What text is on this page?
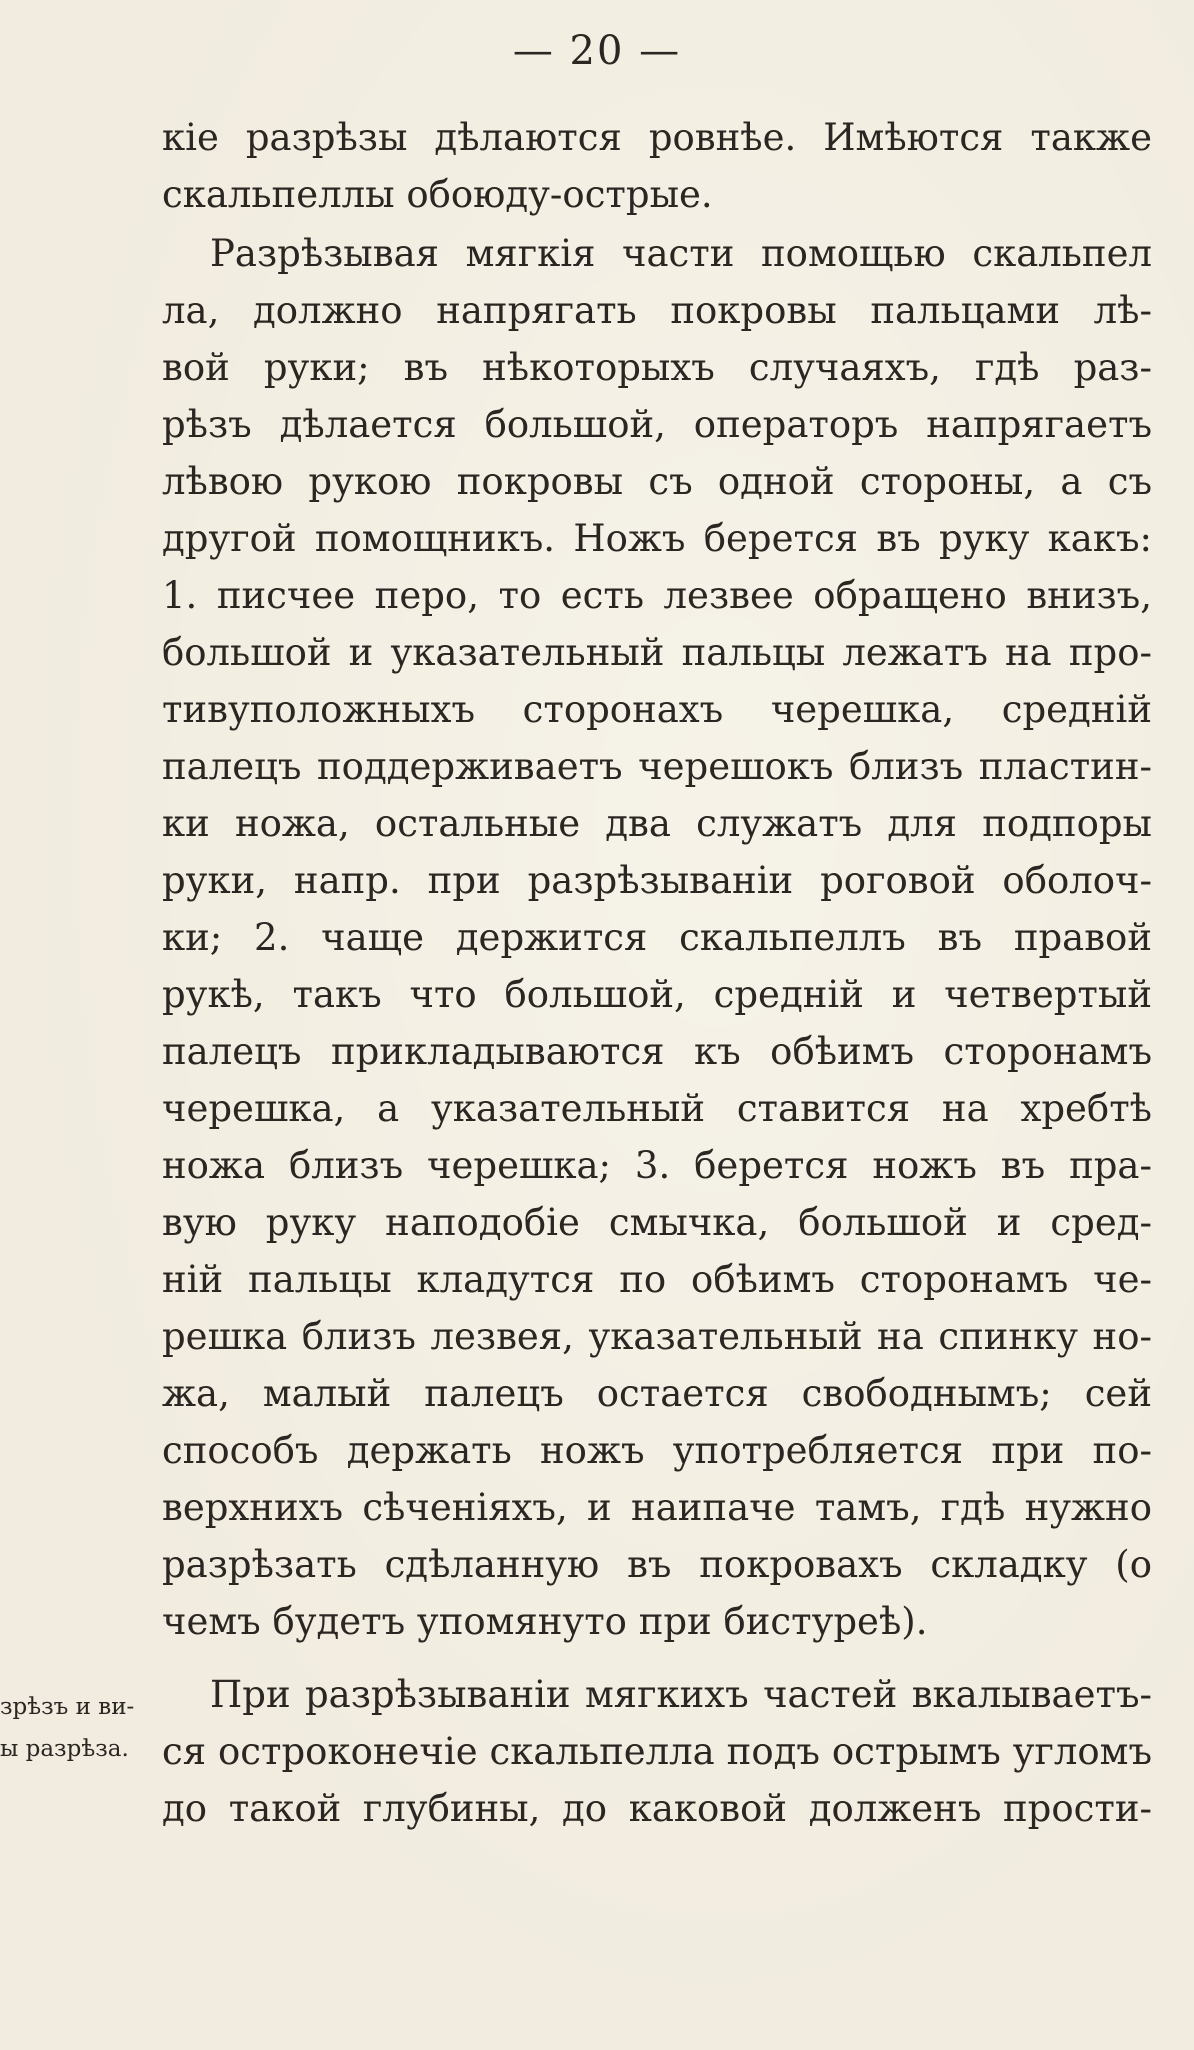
— 20 —
кіе разрѣзы дѣлаются ровнѣе. Имѣются также
скальпеллы обоюду-острые.
Разрѣзывая мягкія части помощью скальпел
ла, должно напрягать покровы пальцами лѣ-
вой руки; въ нѣкоторыхъ случаяхъ, гдѣ раз-
рѣзъ дѣлается большой, операторъ напрягаетъ
лѣвою рукою покровы съ одной стороны, а съ
другой помощникъ. Ножъ берется въ руку какъ:
1. писчее перо, то есть лезвее обращено внизъ,
большой и указательный пальцы лежатъ на про-
тивуположныхъ сторонахъ черешка, средній
палецъ поддерживаетъ черешокъ близъ пластин-
ки ножа, остальные два служатъ для подпоры
руки, напр. при разрѣзываніи роговой оболоч-
ки; 2. чаще держится скальпеллъ въ правой
рукѣ, такъ что большой, средній и четвертый
палецъ прикладываются къ обѣимъ сторонамъ
черешка, а указательный ставится на хребтѣ
ножа близъ черешка; 3. берется ножъ въ пра-
вую руку наподобіе смычка, большой и сред-
ній пальцы кладутся по обѣимъ сторонамъ че-
решка близъ лезвея, указательный на спинку но-
жа, малый палецъ остается свободнымъ; сей
способъ держать ножъ употребляется при по-
верхнихъ сѣченіяхъ, и наипаче тамъ, гдѣ нужно
разрѣзать сдѣланную въ покровахъ складку (о
чемъ будетъ упомянуто при бистуреѣ).
При разрѣзываніи мягкихъ частей вкалываетъ-
ся остроконечіе скальпелла подъ острымъ угломъ
до такой глубины, до каковой долженъ прости-
зрѣзъ и ви-
ы разрѣза.
